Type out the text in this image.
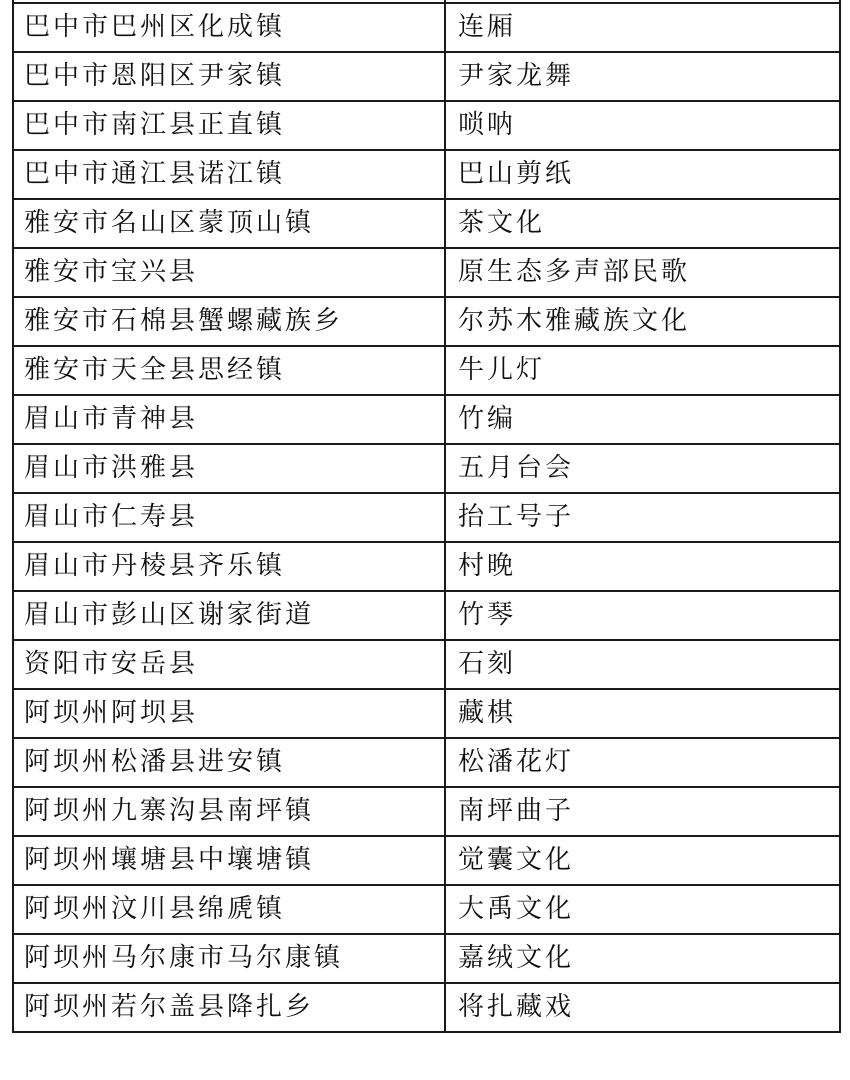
巴中市巴州区化成镇	连厢
巴中市恩阳区尹家镇	尹家龙舞
巴中市南江县正直镇	唢呐
巴中市通江县诺江镇	巴山剪纸
雅安市名山区蒙顶山镇	茶文化
雅安市宝兴县	原生态多声部民歌
雅安市石棉县蟹螺藏族乡	尔苏木雅藏族文化
雅安市天全县思经镇	牛儿灯
眉山市青神县	竹编
眉山市洪雅县	五月台会
眉山市仁寿县	抬工号子
眉山市丹棱县齐乐镇	村晚
眉山市彭山区谢家街道	竹琴
资阳市安岳县	石刻
阿坝州阿坝县	藏棋
阿坝州松潘县进安镇	松潘花灯
阿坝州九寨沟县南坪镇	南坪曲子
阿坝州壤塘县中壤塘镇	觉囊文化
阿坝州汶川县绵虒镇	大禹文化
阿坝州马尔康市马尔康镇	嘉绒文化
阿坝州若尔盖县降扎乡	将扎藏戏
